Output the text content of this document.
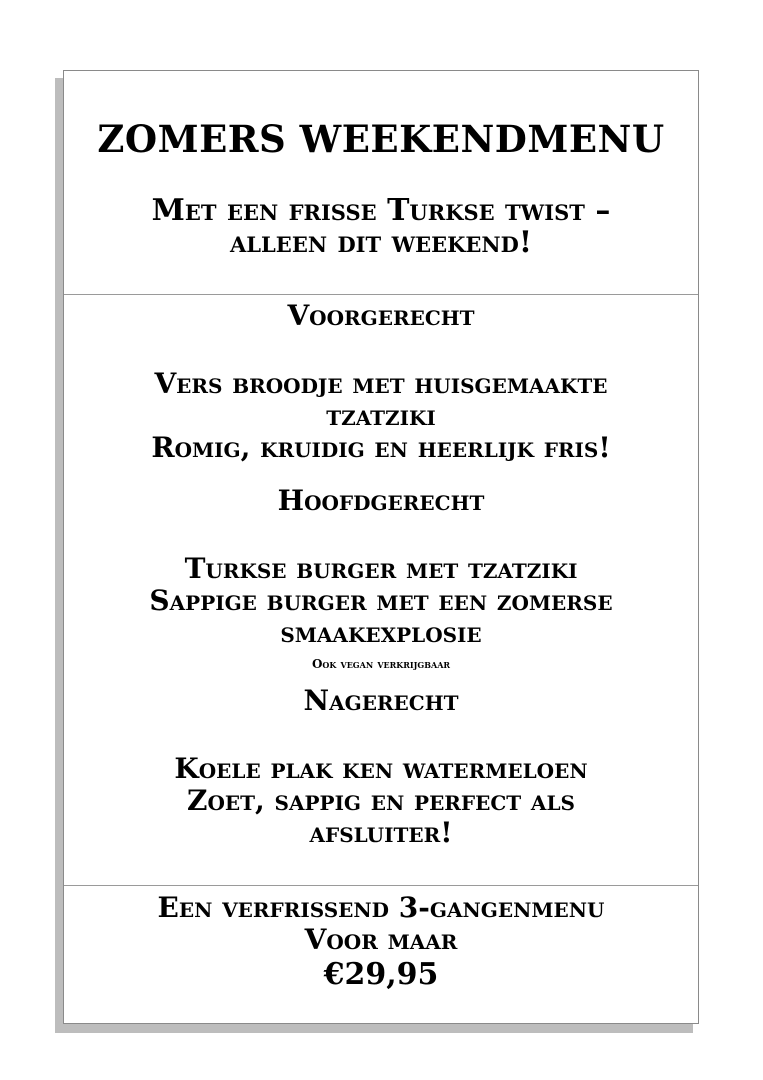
ZOMERS WEEKENDMENU
Met een frisse Turkse twist –
alleen dit weekend!
Voorgerecht
Vers broodje met huisgemaakte
tzatziki
Romig, kruidig en heerlijk fris!
Hoofdgerecht
Turkse burger met tzatziki
Sappige burger met een zomerse
smaakexplosie
Ook vegan verkrijgbaar
Nagerecht
Koele plak ken watermeloen
Zoet, sappig en perfect als
afsluiter!
Een verfrissend 3-gangenmenu
Voor maar
€29,95
